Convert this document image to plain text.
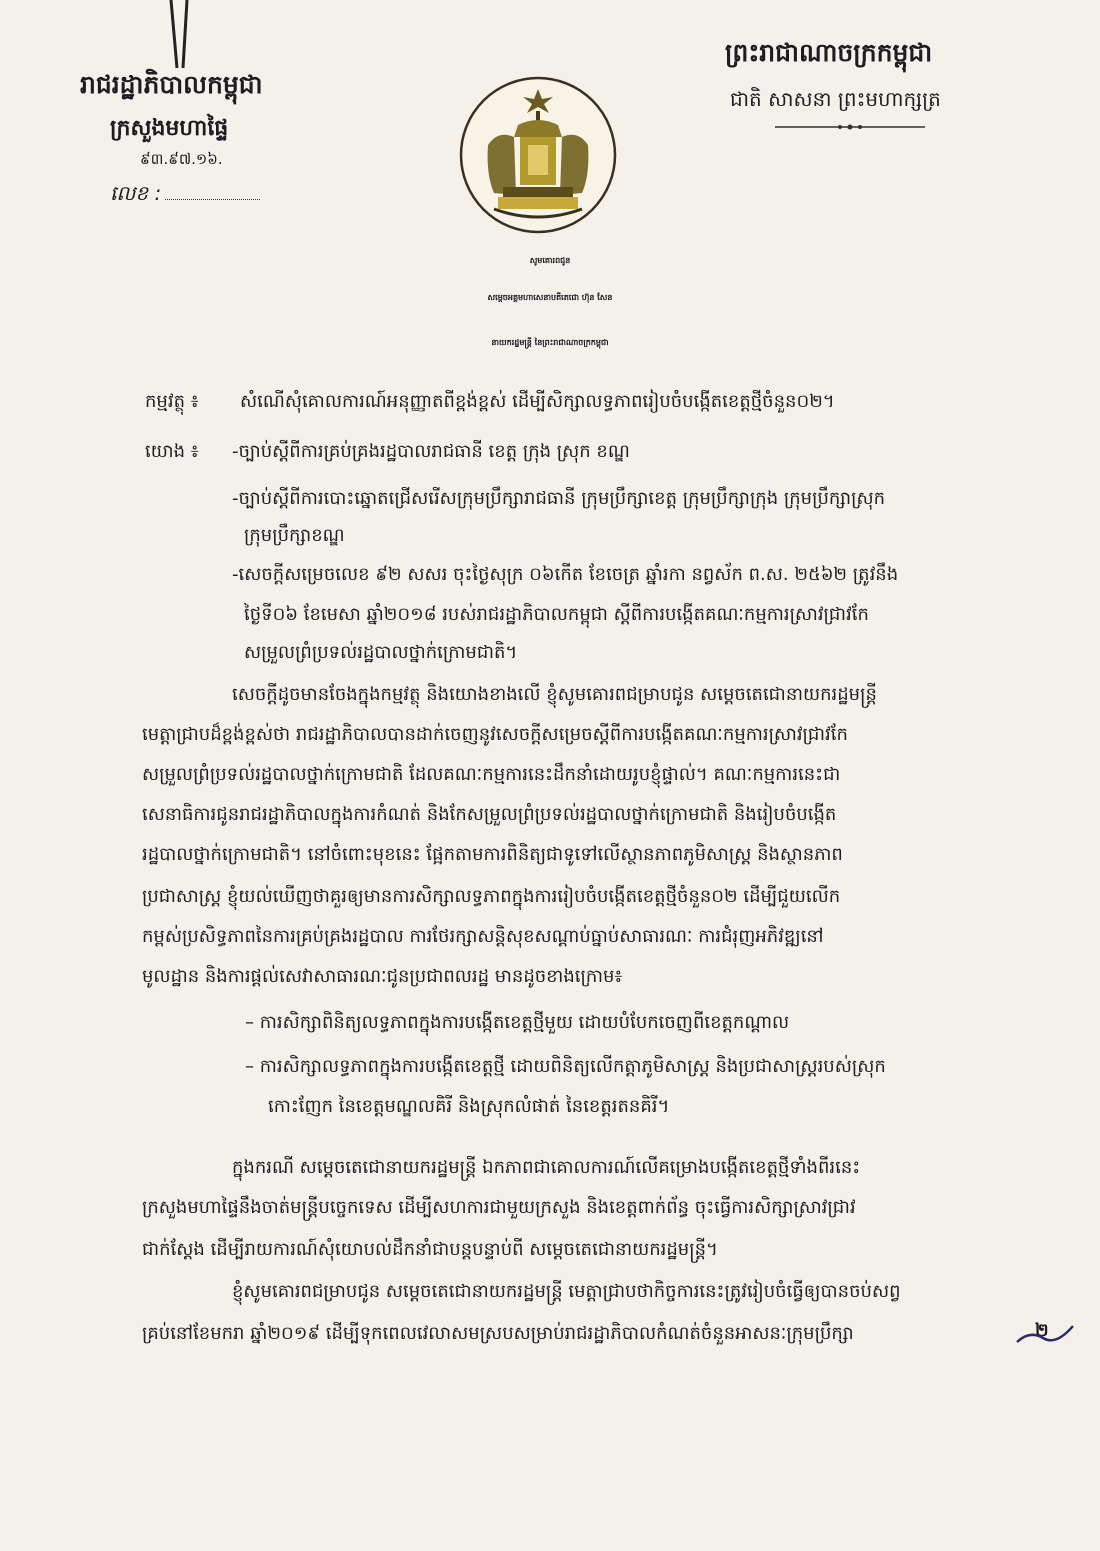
រាជរដ្ឋាភិបាលកម្ពុជា
ក្រសួងមហាផ្ទៃ
៩៣.៩៧.១៦.
លេខ :
ព្រះរាជាណាចក្រកម្ពុជា
ជាតិ សាសនា ព្រះមហាក្សត្រ
សូមគោរពជូន
សម្ដេចអគ្គមហាសេនាបតីតេជោ ហ៊ុន សែន
នាយករដ្ឋមន្ត្រី នៃព្រះរាជាណាចក្រកម្ពុជា
កម្មវត្ថុ ៖ សំណើសុំគោលការណ៍អនុញ្ញាតពីខ្ពង់ខ្ពស់ ដើម្បីសិក្សាលទ្ធភាពរៀបចំបង្កើតខេត្តថ្មីចំនួន០២។
យោង ៖ -ច្បាប់ស្ដីពីការគ្រប់គ្រងរដ្ឋបាលរាជធានី ខេត្ត ក្រុង ស្រុក ខណ្ឌ
-ច្បាប់ស្ដីពីការបោះឆ្នោតជ្រើសរើសក្រុមប្រឹក្សារាជធានី ក្រុមប្រឹក្សាខេត្ត ក្រុមប្រឹក្សាក្រុង ក្រុមប្រឹក្សាស្រុក
ក្រុមប្រឹក្សាខណ្ឌ
-សេចក្ដីសម្រេចលេខ ៩២ សសរ ចុះថ្ងៃសុក្រ ០៦កើត ខែចេត្រ ឆ្នាំរកា នព្វស័ក ព.ស. ២៥៦២ ត្រូវនឹង
ថ្ងៃទី០៦ ខែមេសា ឆ្នាំ២០១៨ របស់រាជរដ្ឋាភិបាលកម្ពុជា ស្ដីពីការបង្កើតគណៈកម្មការស្រាវជ្រាវកែ
សម្រួលព្រំប្រទល់រដ្ឋបាលថ្នាក់ក្រោមជាតិ។
សេចក្ដីដូចមានចែងក្នុងកម្មវត្ថុ និងយោងខាងលើ ខ្ញុំសូមគោរពជម្រាបជូន សម្ដេចតេជោនាយករដ្ឋមន្ត្រី
មេត្តាជ្រាបដ៏ខ្ពង់ខ្ពស់ថា រាជរដ្ឋាភិបាលបានដាក់ចេញនូវសេចក្ដីសម្រេចស្ដីពីការបង្កើតគណៈកម្មការស្រាវជ្រាវកែ
សម្រួលព្រំប្រទល់រដ្ឋបាលថ្នាក់ក្រោមជាតិ ដែលគណៈកម្មការនេះដឹកនាំដោយរូបខ្ញុំផ្ទាល់។ គណៈកម្មការនេះជា
សេនាធិការជូនរាជរដ្ឋាភិបាលក្នុងការកំណត់ និងកែសម្រួលព្រំប្រទល់រដ្ឋបាលថ្នាក់ក្រោមជាតិ និងរៀបចំបង្កើត
រដ្ឋបាលថ្នាក់ក្រោមជាតិ។ នៅចំពោះមុខនេះ ផ្អែកតាមការពិនិត្យជាទូទៅលើស្ថានភាពភូមិសាស្ត្រ និងស្ថានភាព
ប្រជាសាស្ត្រ ខ្ញុំយល់ឃើញថាគួរឲ្យមានការសិក្សាលទ្ធភាពក្នុងការរៀបចំបង្កើតខេត្តថ្មីចំនួន០២ ដើម្បីជួយលើក
កម្ពស់ប្រសិទ្ធភាពនៃការគ្រប់គ្រងរដ្ឋបាល ការថែរក្សាសន្តិសុខសណ្ដាប់ធ្នាប់សាធារណៈ ការជំរុញអភិវឌ្ឍនៅ
មូលដ្ឋាន និងការផ្ដល់សេវាសាធារណៈជូនប្រជាពលរដ្ឋ មានដូចខាងក្រោម៖
– ការសិក្សាពិនិត្យលទ្ធភាពក្នុងការបង្កើតខេត្តថ្មីមួយ ដោយបំបែកចេញពីខេត្តកណ្ដាល
– ការសិក្សាលទ្ធភាពក្នុងការបង្កើតខេត្តថ្មី ដោយពិនិត្យលើកត្តាភូមិសាស្ត្រ និងប្រជាសាស្ត្ររបស់ស្រុក
កោះញែក នៃខេត្តមណ្ឌលគិរី និងស្រុកលំផាត់ នៃខេត្តរតនគិរី។
ក្នុងករណី សម្ដេចតេជោនាយករដ្ឋមន្ត្រី ឯកភាពជាគោលការណ៍លើគម្រោងបង្កើតខេត្តថ្មីទាំងពីរនេះ
ក្រសួងមហាផ្ទៃនឹងចាត់មន្ត្រីបច្ចេកទេស ដើម្បីសហការជាមួយក្រសួង និងខេត្តពាក់ព័ន្ធ ចុះធ្វើការសិក្សាស្រាវជ្រាវ
ជាក់ស្ដែង ដើម្បីរាយការណ៍សុំយោបល់ដឹកនាំជាបន្តបន្ទាប់ពី សម្ដេចតេជោនាយករដ្ឋមន្ត្រី។
ខ្ញុំសូមគោរពជម្រាបជូន សម្ដេចតេជោនាយករដ្ឋមន្ត្រី មេត្តាជ្រាបថាកិច្ចការនេះត្រូវរៀបចំធ្វើឲ្យបានចប់សព្វ
គ្រប់នៅខែមករា ឆ្នាំ២០១៩ ដើម្បីទុកពេលវេលាសមស្របសម្រាប់រាជរដ្ឋាភិបាលកំណត់ចំនួនអាសនៈក្រុមប្រឹក្សា	២
